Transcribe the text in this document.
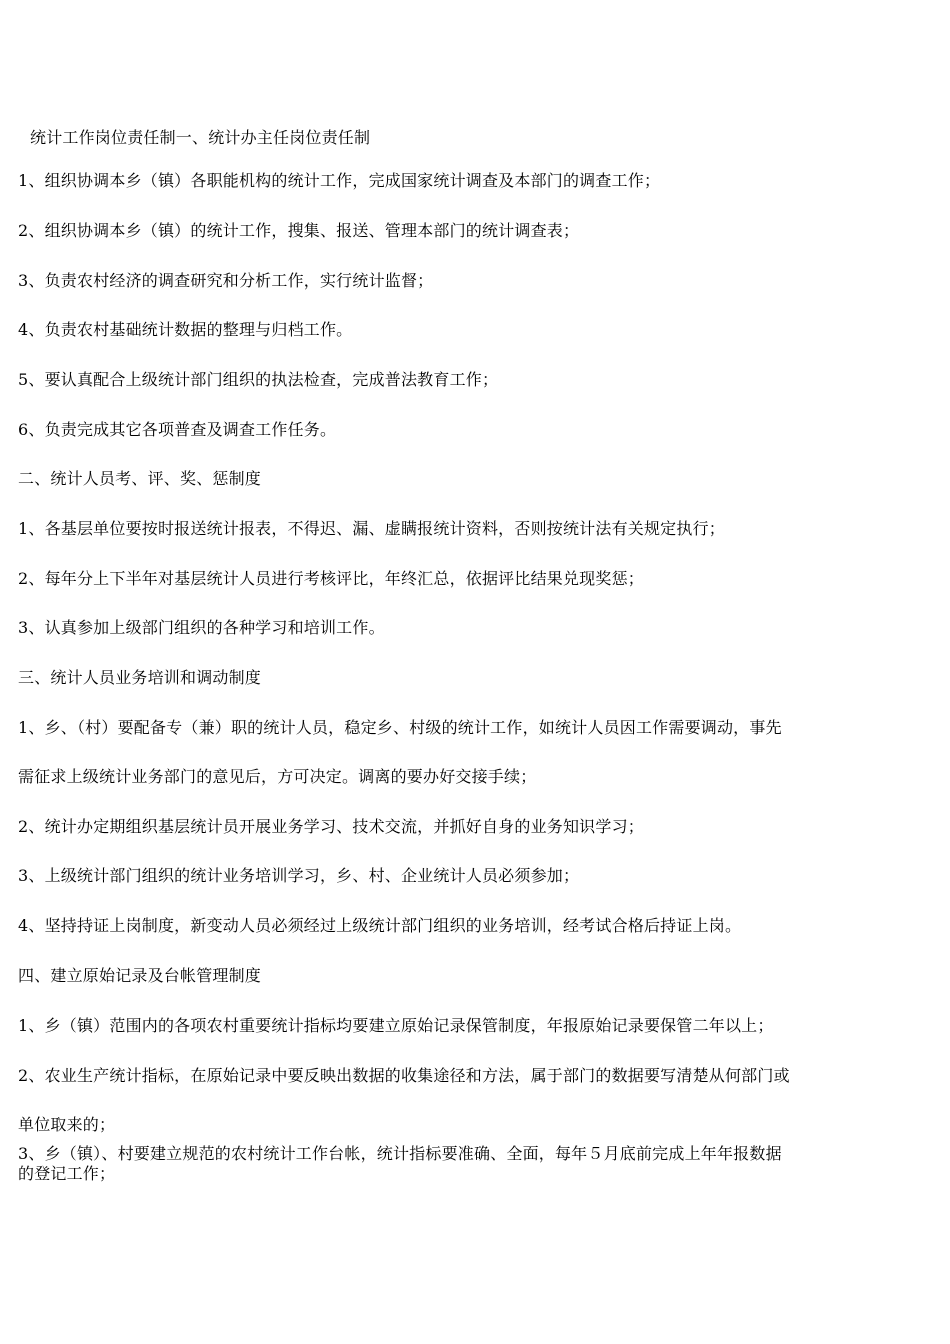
统计工作岗位责任制一、统计办主任岗位责任制
1、组织协调本乡（镇）各职能机构的统计工作，完成国家统计调查及本部门的调查工作；
2、组织协调本乡（镇）的统计工作，搜集、报送、管理本部门的统计调查表；
3、负责农村经济的调查研究和分析工作，实行统计监督；
4、负责农村基础统计数据的整理与归档工作。
5、要认真配合上级统计部门组织的执法检查，完成普法教育工作；
6、负责完成其它各项普查及调查工作任务。
二、统计人员考、评、奖、惩制度
1、各基层单位要按时报送统计报表，不得迟、漏、虚瞒报统计资料，否则按统计法有关规定执行；
2、每年分上下半年对基层统计人员进行考核评比，年终汇总，依据评比结果兑现奖惩；
3、认真参加上级部门组织的各种学习和培训工作。
三、统计人员业务培训和调动制度
1、乡、（村）要配备专（兼）职的统计人员，稳定乡、村级的统计工作，如统计人员因工作需要调动，事先
需征求上级统计业务部门的意见后，方可决定。调离的要办好交接手续；
2、统计办定期组织基层统计员开展业务学习、技术交流，并抓好自身的业务知识学习；
3、上级统计部门组织的统计业务培训学习，乡、村、企业统计人员必须参加；
4、坚持持证上岗制度，新变动人员必须经过上级统计部门组织的业务培训，经考试合格后持证上岗。
四、建立原始记录及台帐管理制度
1、乡（镇）范围内的各项农村重要统计指标均要建立原始记录保管制度，年报原始记录要保管二年以上；
2、农业生产统计指标，在原始记录中要反映出数据的收集途径和方法，属于部门的数据要写清楚从何部门或
单位取来的；
3、乡（镇）、村要建立规范的农村统计工作台帐，统计指标要准确、全面，每年５月底前完成上年年报数据
的登记工作；
